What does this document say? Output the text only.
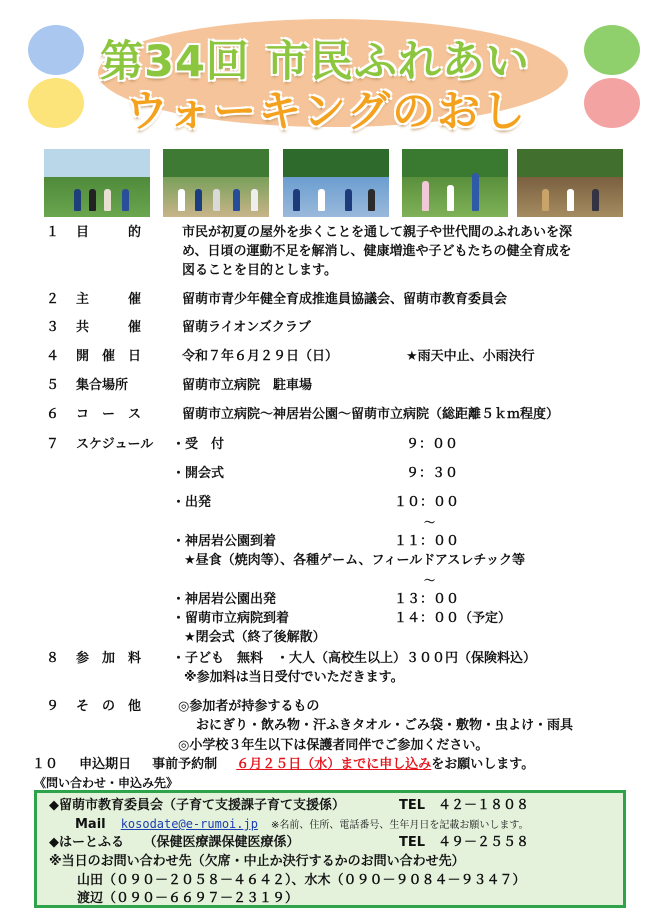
第34回 市民ふれあい
ウォーキングのおし
１ 目　　　的	市民が初夏の屋外を歩くことを通して親子や世代間のふれあいを深
め、日頃の運動不足を解消し、健康増進や子どもたちの健全育成を
図ることを目的とします。
２ 主　　　催	留萌市青少年健全育成推進員協議会、留萌市教育委員会
３ 共　　　催	留萌ライオンズクラブ
４ 開　催　日	令和７年６月２９日（日）	★雨天中止、小雨決行
５ 集合場所	留萌市立病院　駐車場
６ コ　ー　ス	留萌市立病院～神居岩公園～留萌市立病院（総距離５ｋｍ程度）
７ スケジュール ・受　付	９：００
・開会式	９：３０
・出発	１０：００
～
・神居岩公園到着	１１：００
★昼食（焼肉等）、各種ゲーム、フィールドアスレチック等
～
・神居岩公園出発	１３：００
・留萌市立病院到着	１４：００（予定）
★閉会式（終了後解散）
８ 参　加　料 ・子ども　無料　・大人（高校生以上）３００円（保険料込）
※参加料は当日受付でいただきます。
９ そ　の　他	◎参加者が持参するもの
おにぎり・飲み物・汗ふきタオル・ごみ袋・敷物・虫よけ・雨具
◎小学校３年生以下は保護者同伴でご参加ください。
１０ 申込期日 事前予約制 ６月２５日（水）までに申し込みをお願いします。
《問い合わせ・申込み先》
◆留萌市教育委員会（子育て支援課子育て支援係）	TEL　４２－１８０８
Mail kosodate@e-rumoi.jp ※名前、住所、電話番号、生年月日を記載お願いします。
◆はーとふる　　（保健医療課保健医療係）	TEL　４９－２５５８
※当日のお問い合わせ先（欠席・中止か決行するかのお問い合わせ先）
山田（０９０－２０５８－４６４２）、水木（０９０－９０８４－９３４７）
渡辺（０９０－６６９７－２３１９）
